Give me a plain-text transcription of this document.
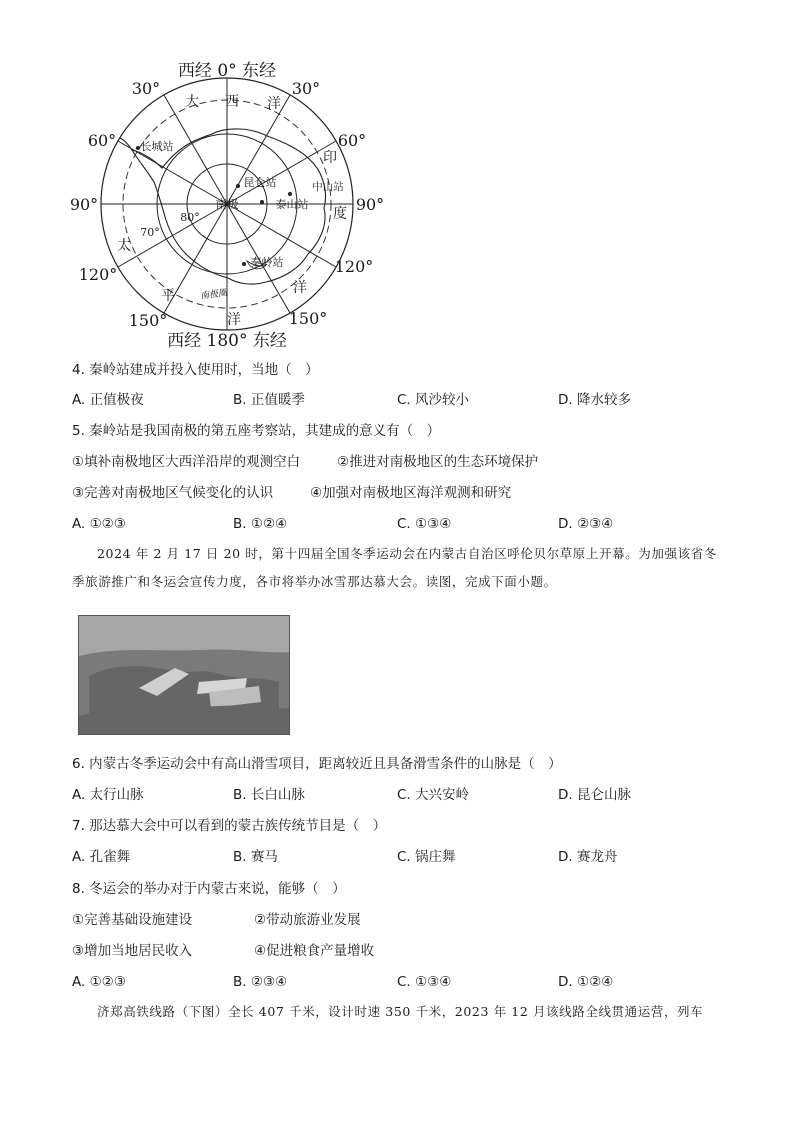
西经 0° 东经
西经 180° 东经
30°	30°
60°	60°
90°	90°
120°	120°
150°	150°
80°
70°
长城站
昆仑站	中山站
泰山站
秦岭站
南极
大 西 洋
印
度
洋
太
平
洋
南极圈
4. 秦岭站建成并投入使用时，当地（　）
A. 正值极夜	B. 正值暖季	C. 风沙较小	D. 降水较多
5. 秦岭站是我国南极的第五座考察站，其建成的意义有（　）
①填补南极地区大西洋沿岸的观测空白	②推进对南极地区的生态环境保护
③完善对南极地区气候变化的认识	④加强对南极地区海洋观测和研究
A. ①②③	B. ①②④	C. ①③④	D. ②③④
2024 年 2 月 17 日 20 时，第十四届全国冬季运动会在内蒙古自治区呼伦贝尔草原上开幕。为加强该省冬季旅游推广和冬运会宣传力度，各市将举办冰雪那达慕大会。读图，完成下面小题。
6. 内蒙古冬季运动会中有高山滑雪项目，距离较近且具备滑雪条件的山脉是（　）
A. 太行山脉	B. 长白山脉	C. 大兴安岭	D. 昆仑山脉
7. 那达慕大会中可以看到的蒙古族传统节目是（　）
A. 孔雀舞	B. 赛马	C. 锅庄舞	D. 赛龙舟
8. 冬运会的举办对于内蒙古来说，能够（　）
①完善基础设施建设	②带动旅游业发展
③增加当地居民收入	④促进粮食产量增收
A. ①②③	B. ②③④	C. ①③④	D. ①②④
济郑高铁线路（下图）全长 407 千米，设计时速 350 千米，2023 年 12 月该线路全线贯通运营，列车
